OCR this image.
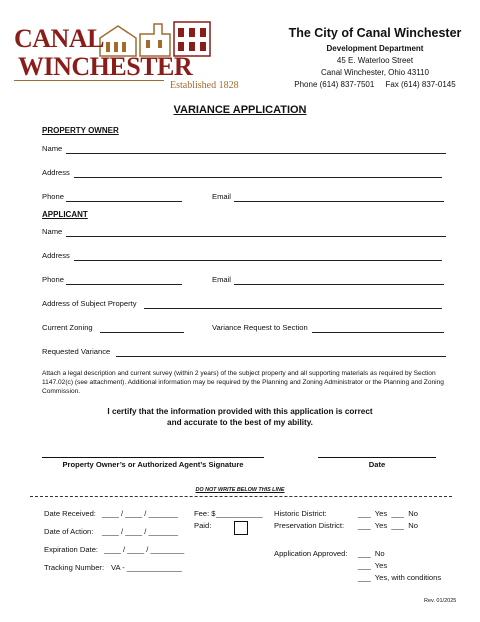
CANAL
WINCHESTER
Established 1828
The City of Canal Winchester
Development Department
45 E. Waterloo Street
Canal Winchester, Ohio 43110
Phone (614) 837-7501     Fax (614) 837-0145
VARIANCE APPLICATION
PROPERTY OWNER
Name
Address
Phone	Email
APPLICANT
Name
Address
Phone	Email
Address of Subject Property
Current Zoning	Variance Request to Section
Requested Variance
Attach a legal description and current survey (within 2 years) of the subject property and all supporting materials as required by Section 1147.02(c) (see attachment). Additional information may be required by the Planning and Zoning Administrator or the Planning and Zoning Commission.
I certify that the information provided with this application is correct
and accurate to the best of my ability.
Property Owner’s or Authorized Agent’s Signature	Date
DO NOT WRITE BELOW THIS LINE
Date Received: ____ / ____ / _______
Date of Action: ____ / ____ / _______
Expiration Date: ____ / ____ / ________
Tracking Number: VA - _____________
Fee: $ ___________
Paid:
Historic District:	___  Yes  ___  No
Preservation District: ___  Yes  ___  No
Application Approved: ___  No
___  Yes
___  Yes, with conditions
Rev. 01/2025
